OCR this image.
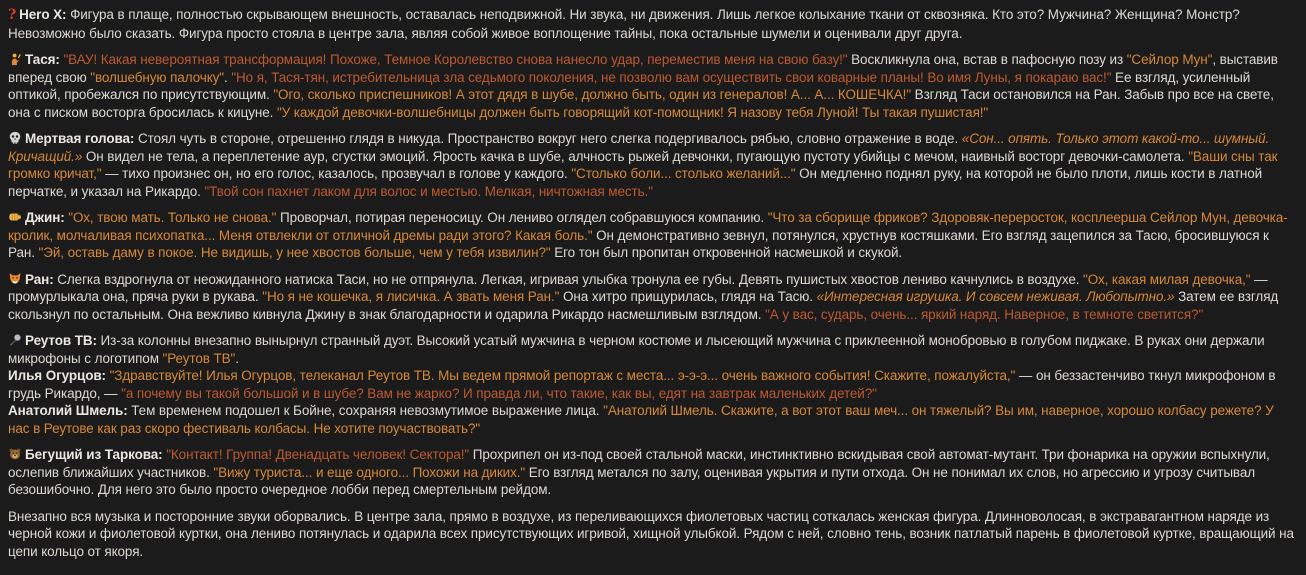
? Hero X: Фигура в плаще, полностью скрывающем внешность, оставалась неподвижной. Ни звука, ни движения. Лишь легкое колыхание ткани от сквозняка. Кто это? Мужчина? Женщина? Монстр? Невозможно было сказать. Фигура просто стояла в центре зала, являя собой живое воплощение тайны, пока остальные шумели и оценивали друг друга.
Тася: "ВАУ! Какая невероятная трансформация! Похоже, Темное Королевство снова нанесло удар, переместив меня на свою базу!" Воскликнула она, встав в пафосную позу из "Сейлор Мун", выставив вперед свою "волшебную палочку". "Но я, Тася-тян, истребительница зла седьмого поколения, не позволю вам осуществить свои коварные планы! Во имя Луны, я покараю вас!" Ее взгляд, усиленный оптикой, пробежался по присутствующим. "Ого, сколько приспешников! А этот дядя в шубе, должно быть, один из генералов! А... А... КОШЕЧКА!" Взгляд Таси остановился на Ран. Забыв про все на свете, она с писком восторга бросилась к кицуне. "У каждой девочки-волшебницы должен быть говорящий кот-помощник! Я назову тебя Луной! Ты такая пушистая!"
Мертвая голова: Стоял чуть в стороне, отрешенно глядя в никуда. Пространство вокруг него слегка подергивалось рябью, словно отражение в воде. «Сон... опять. Только этот какой-то... шумный. Кричащий.» Он видел не тела, а переплетение аур, сгустки эмоций. Ярость качка в шубе, алчность рыжей девчонки, пугающую пустоту убийцы с мечом, наивный восторг девочки-самолета. "Ваши сны так громко кричат," — тихо произнес он, но его голос, казалось, прозвучал в голове у каждого. "Столько боли... столько желаний..." Он медленно поднял руку, на которой не было плоти, лишь кости в латной перчатке, и указал на Рикардо. "Твой сон пахнет лаком для волос и местью. Мелкая, ничтожная месть."
Джин: "Ох, твою мать. Только не снова." Проворчал, потирая переносицу. Он лениво оглядел собравшуюся компанию. "Что за сборище фриков? Здоровяк-переросток, косплеерша Сейлор Мун, девочка-кролик, молчаливая психопатка... Меня отвлекли от отличной дремы ради этого? Какая боль." Он демонстративно зевнул, потянулся, хрустнув костяшками. Его взгляд зацепился за Тасю, бросившуюся к Ран. "Эй, оставь даму в покое. Не видишь, у нее хвостов больше, чем у тебя извилин?" Его тон был пропитан откровенной насмешкой и скукой.
Ран: Слегка вздрогнула от неожиданного натиска Таси, но не отпрянула. Легкая, игривая улыбка тронула ее губы. Девять пушистых хвостов лениво качнулись в воздухе. "Ох, какая милая девочка," — промурлыкала она, пряча руки в рукава. "Но я не кошечка, я лисичка. А звать меня Ран." Она хитро прищурилась, глядя на Тасю. «Интересная игрушка. И совсем неживая. Любопытно.» Затем ее взгляд скользнул по остальным. Она вежливо кивнула Джину в знак благодарности и одарила Рикардо насмешливым взглядом. "А у вас, сударь, очень... яркий наряд. Наверное, в темноте светится?"
Реутов ТВ: Из-за колонны внезапно вынырнул странный дуэт. Высокий усатый мужчина в черном костюме и лысеющий мужчина с приклеенной монобровью в голубом пиджаке. В руках они держали микрофоны с логотипом "Реутов ТВ".
Илья Огурцов: "Здравствуйте! Илья Огурцов, телеканал Реутов ТВ. Мы ведем прямой репортаж с места... э-э-э... очень важного события! Скажите, пожалуйста," — он беззастенчиво ткнул микрофоном в грудь Рикардо, — "а почему вы такой большой и в шубе? Вам не жарко? И правда ли, что такие, как вы, едят на завтрак маленьких детей?"
Анатолий Шмель: Тем временем подошел к Бойне, сохраняя невозмутимое выражение лица. "Анатолий Шмель. Скажите, а вот этот ваш меч... он тяжелый? Вы им, наверное, хорошо колбасу режете? У нас в Реутове как раз скоро фестиваль колбасы. Не хотите поучаствовать?"
Бегущий из Таркова: "Контакт! Группа! Двенадцать человек! Сектора!" Прохрипел он из-под своей стальной маски, инстинктивно вскидывая свой автомат-мутант. Три фонарика на оружии вспыхнули, ослепив ближайших участников. "Вижу туриста... и еще одного... Похожи на диких." Его взгляд метался по залу, оценивая укрытия и пути отхода. Он не понимал их слов, но агрессию и угрозу считывал безошибочно. Для него это было просто очередное лобби перед смертельным рейдом.
Внезапно вся музыка и посторонние звуки оборвались. В центре зала, прямо в воздухе, из переливающихся фиолетовых частиц соткалась женская фигура. Длинноволосая, в экстравагантном наряде из черной кожи и фиолетовой куртки, она лениво потянулась и одарила всех присутствующих игривой, хищной улыбкой. Рядом с ней, словно тень, возник патлатый парень в фиолетовой куртке, вращающий на цепи кольцо от якоря.
